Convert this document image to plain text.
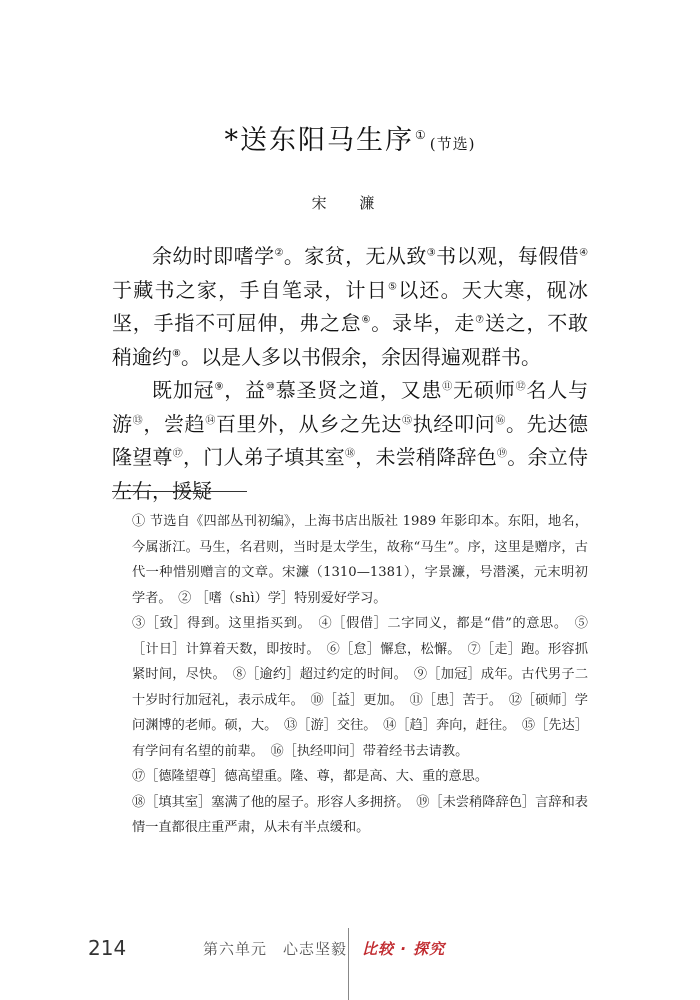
*送东阳马生序① (节选)
宋 濂

余幼时即嗜学②。家贫，无从致③书以观，每假借④于藏书之家，手自笔录，计日⑤以还。天大寒，砚冰坚，手指不可屈伸，弗之怠⑥。录毕，走⑦送之，不敢稍逾约⑧。以是人多以书假余，余因得遍观群书。

既加冠⑨，益⑩慕圣贤之道，又患⑪无硕师⑫名人与游⑬，尝趋⑭百里外，从乡之先达⑮执经叩问⑯。先达德隆望尊⑰，门人弟子填其室⑱，未尝稍降辞色⑲。余立侍左右，援疑

① 节选自《四部丛刊初编》，上海书店出版社 1989 年影印本。东阳，地名，今属浙江。马生，名君则，当时是太学生，故称“马生”。序，这里是赠序，古代一种惜别赠言的文章。宋濂（1310—1381），字景濂，号潜溪，元末明初学者。　② ［嗜（shì）学］特别爱好学习。

③［致］得到。这里指买到。　④［假借］二字同义，都是“借”的意思。　⑤［计日］计算着天数，即按时。　⑥［怠］懈怠，松懈。　⑦［走］跑。形容抓紧时间，尽快。　⑧［逾约］超过约定的时间。　⑨［加冠］成年。古代男子二十岁时行加冠礼，表示成年。　⑩［益］更加。　⑪［患］苦于。　⑫［硕师］学问渊博的老师。硕，大。　⑬［游］交往。　⑭［趋］奔向，赶往。　⑮［先达］有学问有名望的前辈。　⑯［执经叩问］带着经书去请教。

⑰［德隆望尊］德高望重。隆、尊，都是高、大、重的意思。

⑱［填其室］塞满了他的屋子。形容人多拥挤。　⑲［未尝稍降辞色］言辞和表情一直都很庄重严肃，从未有半点缓和。

214	第六单元　心志坚毅 比较 · 探究
